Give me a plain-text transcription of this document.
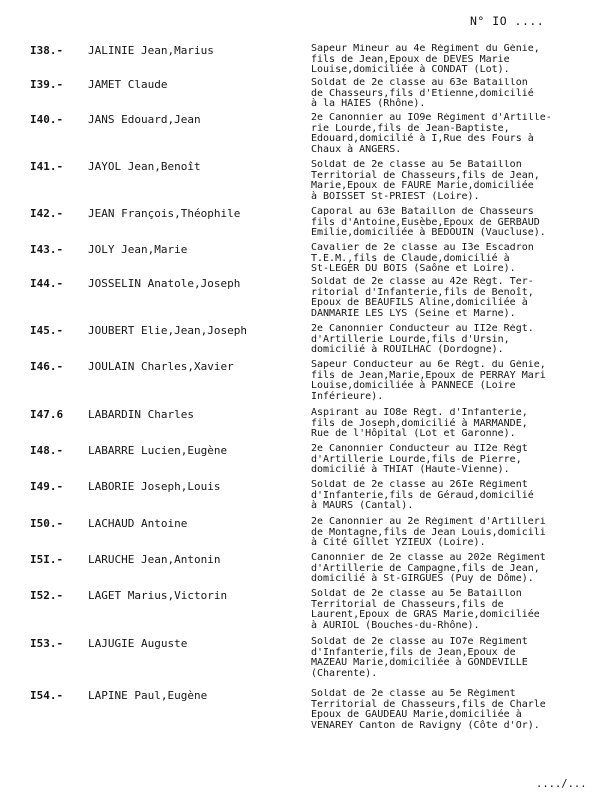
N° IO ....
I38.- JALINIE Jean,Marius	Sapeur Mineur au 4e Régiment du Génie,
fils de Jean,Epoux de DEVES Marie
Louise,domiciliée à CONDAT (Lot).
I39.- JAMET Claude	Soldat de 2e classe au 63e Bataillon
de Chasseurs,fils d'Etienne,domicilié
à la HAIES (Rhône).
I40.- JANS Edouard,Jean	2e Canonnier au IO9e Régiment d'Artille-
rie Lourde,fils de Jean-Baptiste,
Edouard,domicilié à I,Rue des Fours à
Chaux à ANGERS.
I41.- JAYOL Jean,Benoît	Soldat de 2e classe au 5e Bataillon
Territorial de Chasseurs,fils de Jean,
Marie,Epoux de FAURE Marie,domiciliée
à BOISSET St-PRIEST (Loire).
I42.- JEAN François,Théophile	Caporal au 63e Bataillon de Chasseurs
fils d'Antoine,Eusèbe,Epoux de GERBAUD
Emilie,domiciliée à BEDOUIN (Vaucluse).
I43.- JOLY Jean,Marie	Cavalier de 2e classe au I3e Escadron
T.E.M.,fils de Claude,domicilié à
St-LEGER DU BOIS (Saône et Loire).
I44.- JOSSELIN Anatole,Joseph	Soldat de 2e classe au 42e Régt. Ter-
ritorial d'Infanterie,fils de Benoît,
Epoux de BEAUFILS Aline,domiciliée à
DANMARIE LES LYS (Seine et Marne).
I45.- JOUBERT Elie,Jean,Joseph	2e Canonnier Conducteur au II2e Régt.
d'Artillerie Lourde,fils d'Ursin,
domicilié à ROUILHAC (Dordogne).
I46.- JOULAIN Charles,Xavier	Sapeur Conducteur au 6e Régt. du Génie,
fils de Jean,Marie,Epoux de PERRAY Mari
Louise,domiciliée à PANNECE (Loire
Inférieure).
I47.6 LABARDIN Charles	Aspirant au IO8e Régt. d'Infanterie,
fils de Joseph,domicilié à MARMANDE,
Rue de l'Hôpital (Lot et Garonne).
I48.- LABARRE Lucien,Eugène	2e Canonnier Conducteur au II2e Régt
d'Artillerie Lourde,fils de Pierre,
domicilié à THIAT (Haute-Vienne).
I49.- LABORIE Joseph,Louis	Soldat de 2e classe au 26Ie Régiment
d'Infanterie,fils de Géraud,domicilié
à MAURS (Cantal).
I50.- LACHAUD Antoine	2e Canonnier au 2e Régiment d'Artilleri
de Montagne,fils de Jean Louis,domicili
à Cité Gillet YZIEUX (Loire).
I5I.- LARUCHE Jean,Antonin	Canonnier de 2e classe au 202e Régiment
d'Artillerie de Campagne,fils de Jean,
domicilié à St-GIRGUES (Puy de Dôme).
I52.- LAGET Marius,Victorin	Soldat de 2e classe au 5e Bataillon
Territorial de Chasseurs,fils de
Laurent,Epoux de GRAS Marie,domiciliée
à AURIOL (Bouches-du-Rhône).
I53.- LAJUGIE Auguste	Soldat de 2e classe au IO7e Régiment
d'Infanterie,fils de Jean,Epoux de
MAZEAU Marie,domiciliée à GONDEVILLE
(Charente).
I54.- LAPINE Paul,Eugène	Soldat de 2e classe au 5e Régiment
Territorial de Chasseurs,fils de Charle
Epoux de GAUDEAU Marie,domiciliée à
VENAREY Canton de Ravigny (Côte d'Or).
..../...
